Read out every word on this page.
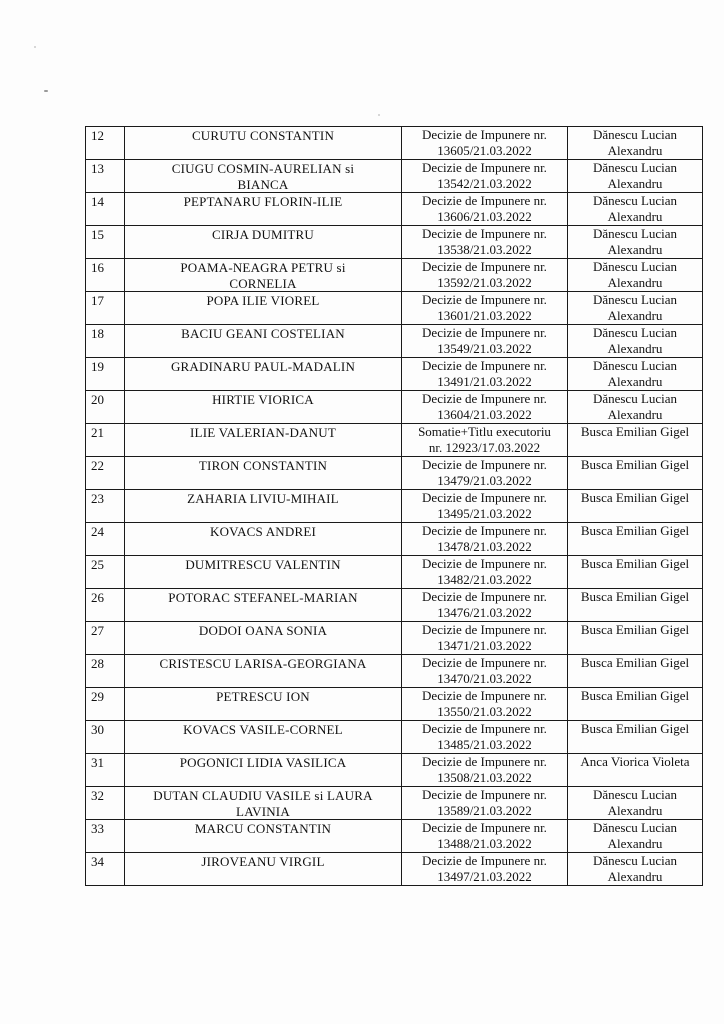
12	CURUTU CONSTANTIN	Decizie de Impunere nr.
13605/21.03.2022	Dănescu Lucian
Alexandru

13	CIUGU COSMIN-AURELIAN si
BIANCA	Decizie de Impunere nr.
13542/21.03.2022	Dănescu Lucian
Alexandru

14	PEPTANARU FLORIN-ILIE	Decizie de Impunere nr.
13606/21.03.2022	Dănescu Lucian
Alexandru

15	CIRJA DUMITRU	Decizie de Impunere nr.
13538/21.03.2022	Dănescu Lucian
Alexandru

16	POAMA-NEAGRA PETRU si
CORNELIA	Decizie de Impunere nr.
13592/21.03.2022	Dănescu Lucian
Alexandru

17	POPA ILIE VIOREL	Decizie de Impunere nr.
13601/21.03.2022	Dănescu Lucian
Alexandru

18	BACIU GEANI COSTELIAN	Decizie de Impunere nr.
13549/21.03.2022	Dănescu Lucian
Alexandru

19	GRADINARU PAUL-MADALIN	Decizie de Impunere nr.
13491/21.03.2022	Dănescu Lucian
Alexandru

20	HIRTIE VIORICA	Decizie de Impunere nr.
13604/21.03.2022	Dănescu Lucian
Alexandru

21	ILIE VALERIAN-DANUT	Somatie+Titlu executoriu
nr. 12923/17.03.2022	Busca Emilian Gigel

22	TIRON CONSTANTIN	Decizie de Impunere nr.
13479/21.03.2022	Busca Emilian Gigel

23	ZAHARIA LIVIU-MIHAIL	Decizie de Impunere nr.
13495/21.03.2022	Busca Emilian Gigel

24	KOVACS ANDREI	Decizie de Impunere nr.
13478/21.03.2022	Busca Emilian Gigel

25	DUMITRESCU VALENTIN	Decizie de Impunere nr.
13482/21.03.2022	Busca Emilian Gigel

26	POTORAC STEFANEL-MARIAN	Decizie de Impunere nr.
13476/21.03.2022	Busca Emilian Gigel

27	DODOI OANA SONIA	Decizie de Impunere nr.
13471/21.03.2022	Busca Emilian Gigel

28	CRISTESCU LARISA-GEORGIANA	Decizie de Impunere nr.
13470/21.03.2022	Busca Emilian Gigel

29	PETRESCU ION	Decizie de Impunere nr.
13550/21.03.2022	Busca Emilian Gigel

30	KOVACS VASILE-CORNEL	Decizie de Impunere nr.
13485/21.03.2022	Busca Emilian Gigel

31	POGONICI LIDIA VASILICA	Decizie de Impunere nr.
13508/21.03.2022	Anca Viorica Violeta

32	DUTAN CLAUDIU VASILE si LAURA
LAVINIA	Decizie de Impunere nr.
13589/21.03.2022	Dănescu Lucian
Alexandru

33	MARCU CONSTANTIN	Decizie de Impunere nr.
13488/21.03.2022	Dănescu Lucian
Alexandru

34	JIROVEANU VIRGIL	Decizie de Impunere nr.
13497/21.03.2022	Dănescu Lucian
Alexandru
